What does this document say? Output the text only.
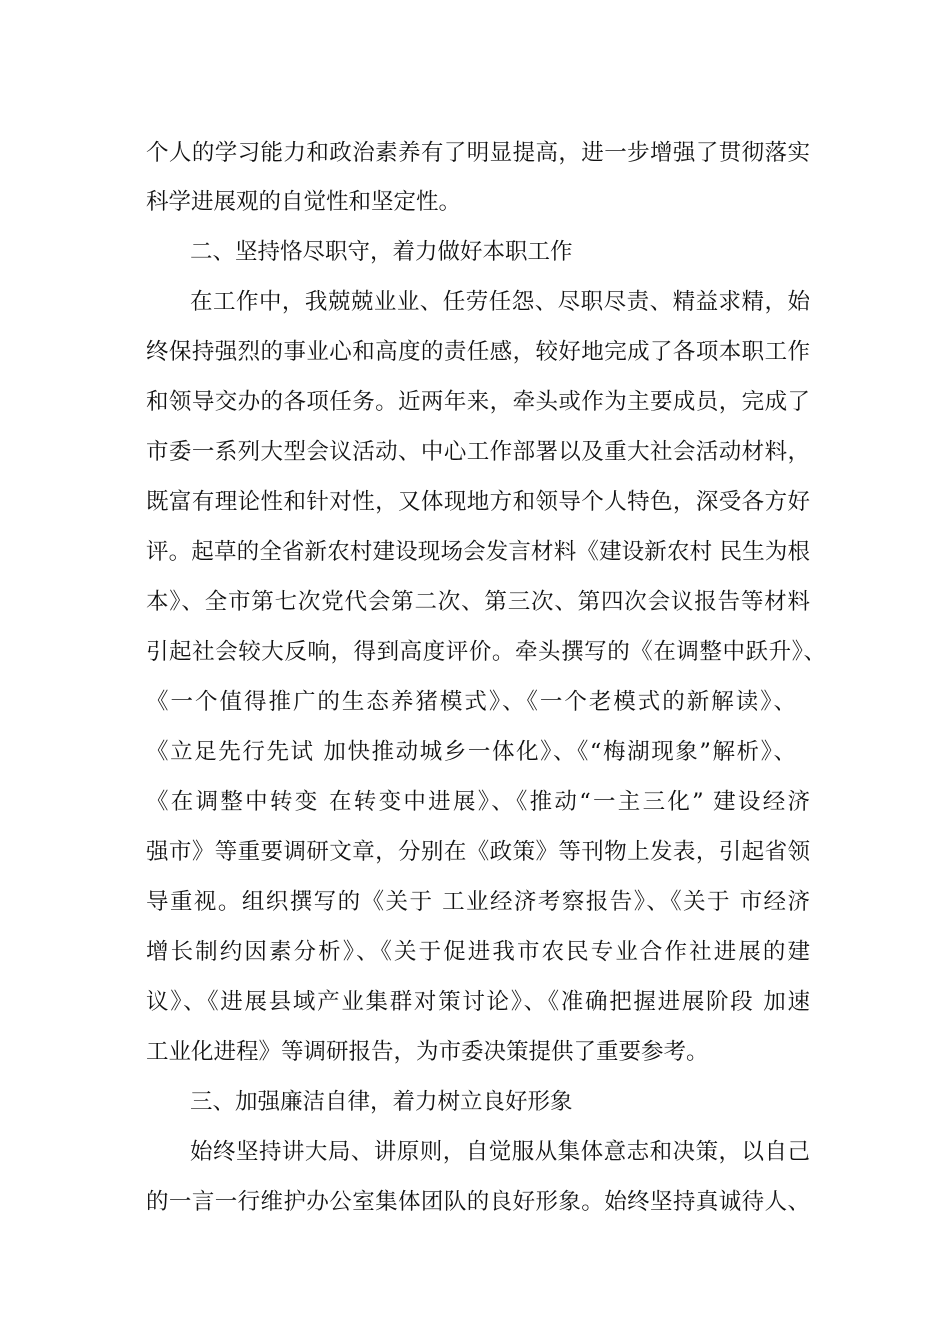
个人的学习能力和政治素养有了明显提高，进一步增强了贯彻落实
科学进展观的自觉性和坚定性。
二、坚持恪尽职守，着力做好本职工作
在工作中，我兢兢业业、任劳任怨、尽职尽责、精益求精，始
终保持强烈的事业心和高度的责任感，较好地完成了各项本职工作
和领导交办的各项任务。近两年来，牵头或作为主要成员，完成了
市委一系列大型会议活动、中心工作部署以及重大社会活动材料，
既富有理论性和针对性，又体现地方和领导个人特色，深受各方好
评。起草的全省新农村建设现场会发言材料《建设新农村 民生为根
本》、全市第七次党代会第二次、第三次、第四次会议报告等材料
引起社会较大反响，得到高度评价。牵头撰写的《在调整中跃升》、
《一个值得推广的生态养猪模式》、《一个老模式的新解读》、
《立足先行先试 加快推动城乡一体化》、《“梅湖现象”解析》、
《在调整中转变 在转变中进展》、《推动“一主三化” 建设经济
强市》等重要调研文章，分别在《政策》等刊物上发表，引起省领
导重视。组织撰写的《关于 工业经济考察报告》、《关于 市经济
增长制约因素分析》、《关于促进我市农民专业合作社进展的建
议》、《进展县域产业集群对策讨论》、《准确把握进展阶段 加速
工业化进程》等调研报告，为市委决策提供了重要参考。
三、加强廉洁自律，着力树立良好形象
始终坚持讲大局、讲原则，自觉服从集体意志和决策，以自己
的一言一行维护办公室集体团队的良好形象。始终坚持真诚待人、
